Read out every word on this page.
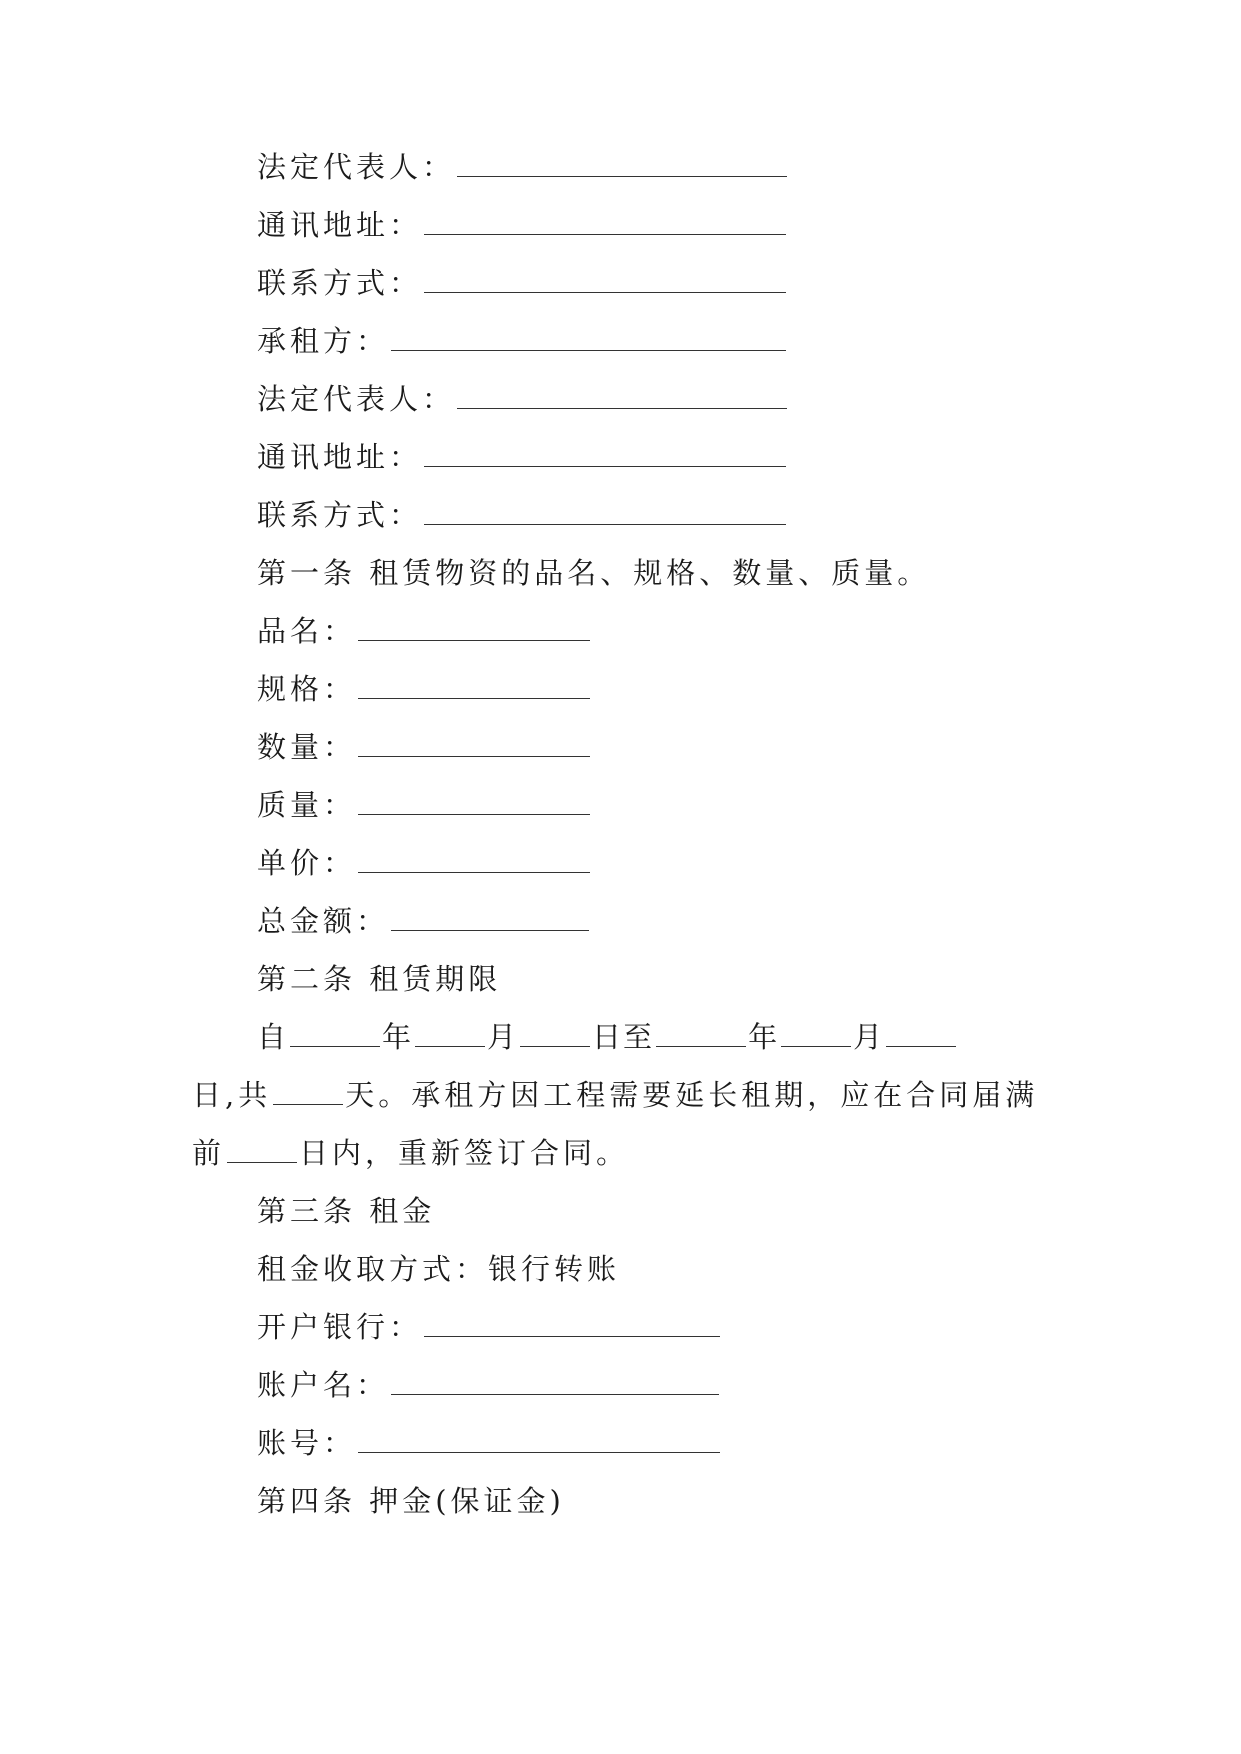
法定代表人：
通讯地址：
联系方式：
承租方：
法定代表人：
通讯地址：
联系方式：
第一条 租赁物资的品名、规格、数量、质量。
品名：
规格：
数量：
质量：
单价：
总金额：
第二条 租赁期限
自	年	月	日至	年	月
日,共	天。承租方因工程需要延长租期，应在合同届满
前	日内，重新签订合同。
第三条 租金
租金收取方式：银行转账
开户银行：
账户名：
账号：
第四条 押金(保证金)
